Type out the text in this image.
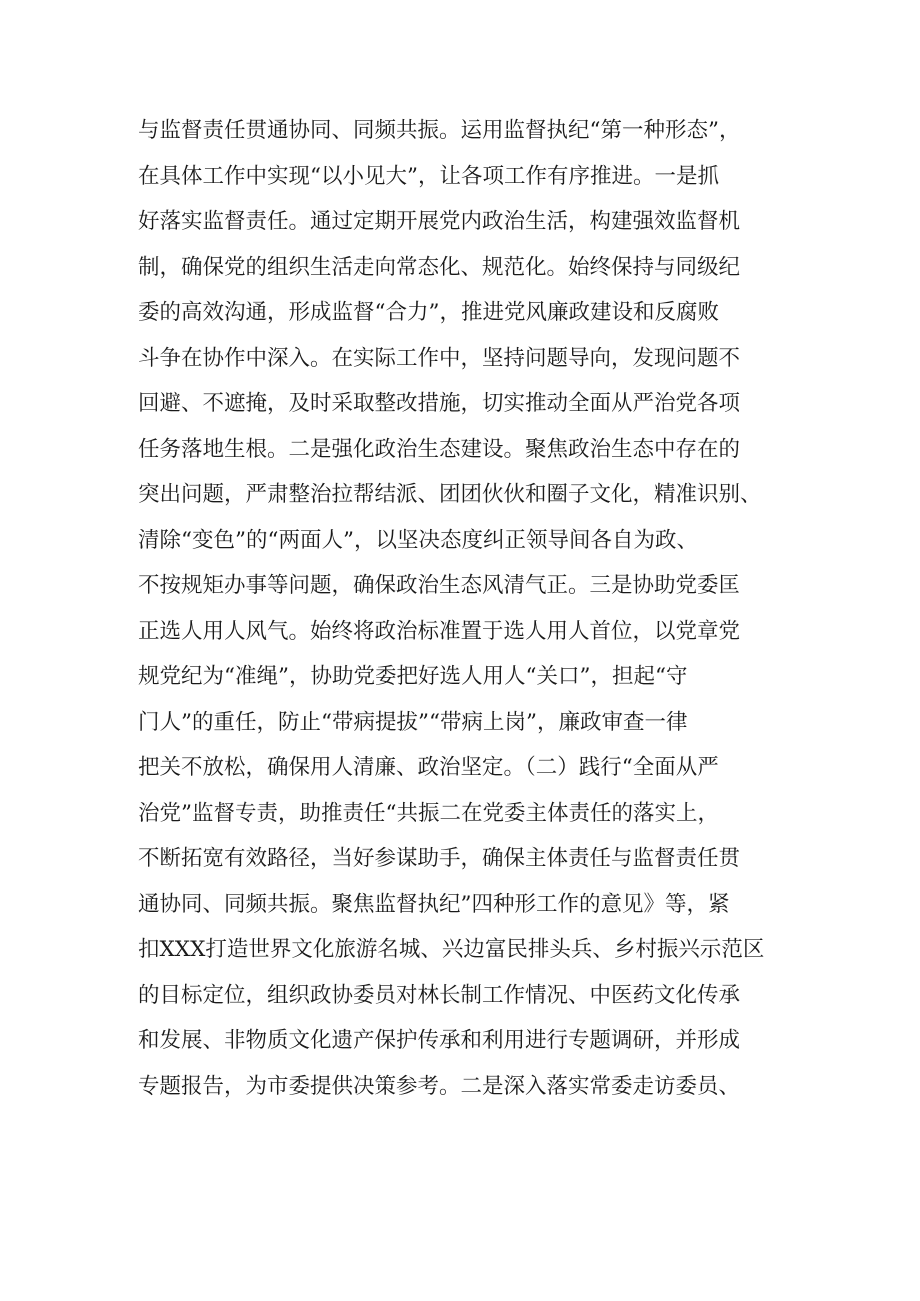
与监督责任贯通协同、同频共振。运用监督执纪“第一种形态”，
在具体工作中实现“以小见大”，让各项工作有序推进。一是抓
好落实监督责任。通过定期开展党内政治生活，构建强效监督机
制，确保党的组织生活走向常态化、规范化。始终保持与同级纪
委的高效沟通，形成监督“合力”，推进党风廉政建设和反腐败
斗争在协作中深入。在实际工作中，坚持问题导向，发现问题不
回避、不遮掩，及时采取整改措施，切实推动全面从严治党各项
任务落地生根。二是强化政治生态建设。聚焦政治生态中存在的
突出问题，严肃整治拉帮结派、团团伙伙和圈子文化，精准识别、
清除“变色”的“两面人”，以坚决态度纠正领导间各自为政、
不按规矩办事等问题，确保政治生态风清气正。三是协助党委匡
正选人用人风气。始终将政治标准置于选人用人首位，以党章党
规党纪为“准绳”，协助党委把好选人用人“关口”，担起“守
门人”的重任，防止“带病提拔”“带病上岗”，廉政审查一律
把关不放松，确保用人清廉、政治坚定。（二）践行“全面从严
治党”监督专责，助推责任“共振二在党委主体责任的落实上，
不断拓宽有效路径，当好参谋助手，确保主体责任与监督责任贯
通协同、同频共振。聚焦监督执纪”四种形工作的意见》等，紧
扣XXX打造世界文化旅游名城、兴边富民排头兵、乡村振兴示范区
的目标定位，组织政协委员对林长制工作情况、中医药文化传承
和发展、非物质文化遗产保护传承和利用进行专题调研，并形成
专题报告，为市委提供决策参考。二是深入落实常委走访委员、
